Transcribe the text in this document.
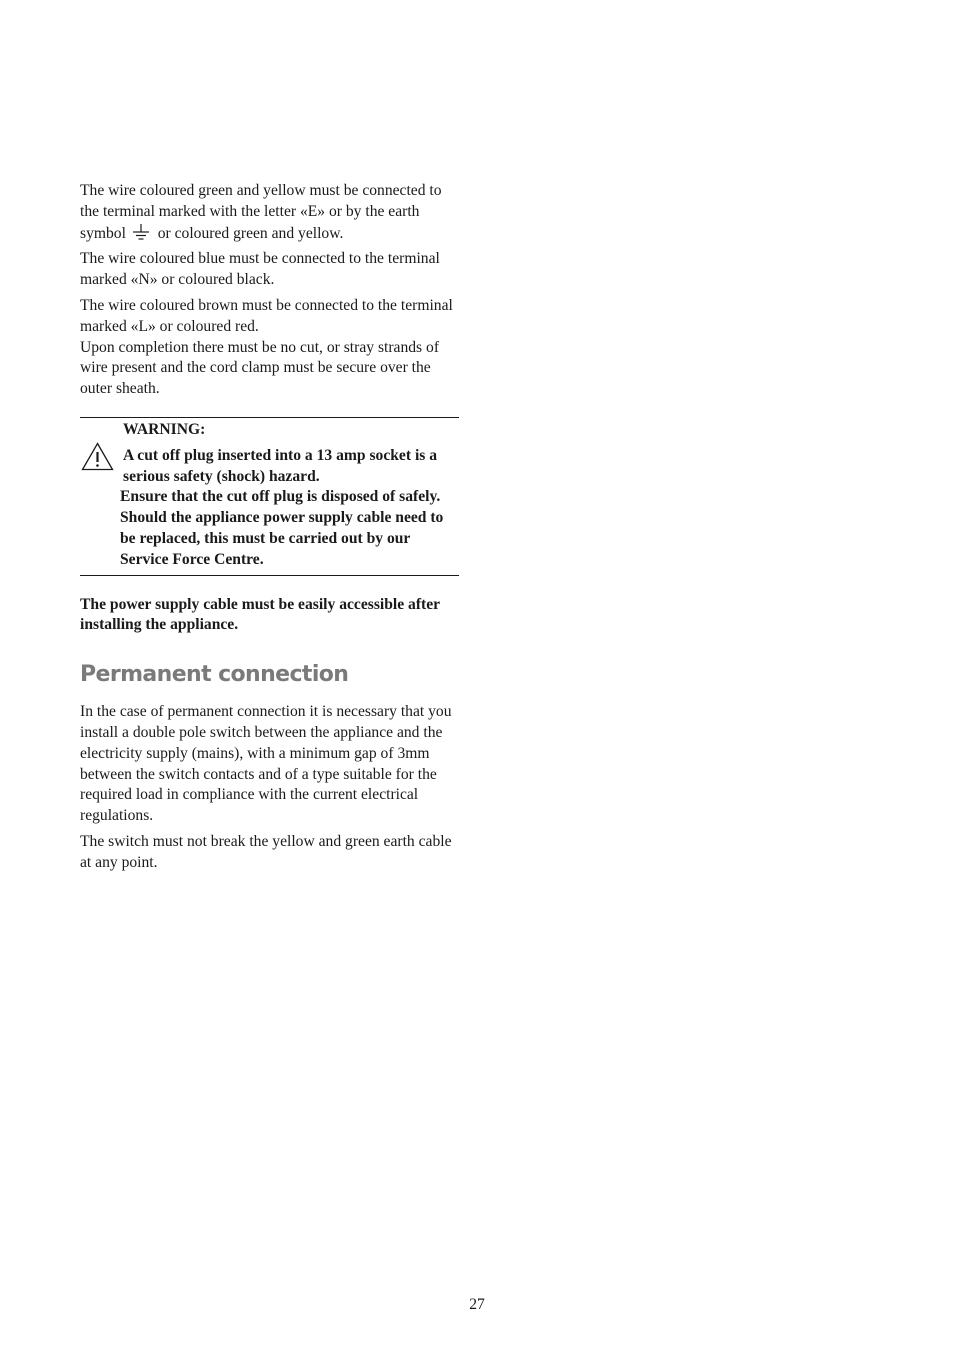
The wire coloured green and yellow must be connected to the terminal marked with the letter «E» or by the earth symbol or coloured green and yellow.

The wire coloured blue must be connected to the terminal marked «N» or coloured black.

The wire coloured brown must be connected to the terminal marked «L» or coloured red.

Upon completion there must be no cut, or stray strands of wire present and the cord clamp must be secure over the outer sheath.

WARNING:
A cut off plug inserted into a 13 amp socket is a serious safety (shock) hazard.
Ensure that the cut off plug is disposed of safely. Should the appliance power supply cable need to be replaced, this must be carried out by our Service Force Centre.

The power supply cable must be easily accessible after installing the appliance.

Permanent connection

In the case of permanent connection it is necessary that you install a double pole switch between the appliance and the electricity supply (mains), with a minimum gap of 3mm between the switch contacts and of a type suitable for the required load in compliance with the current electrical regulations.

The switch must not break the yellow and green earth cable at any point.

27
